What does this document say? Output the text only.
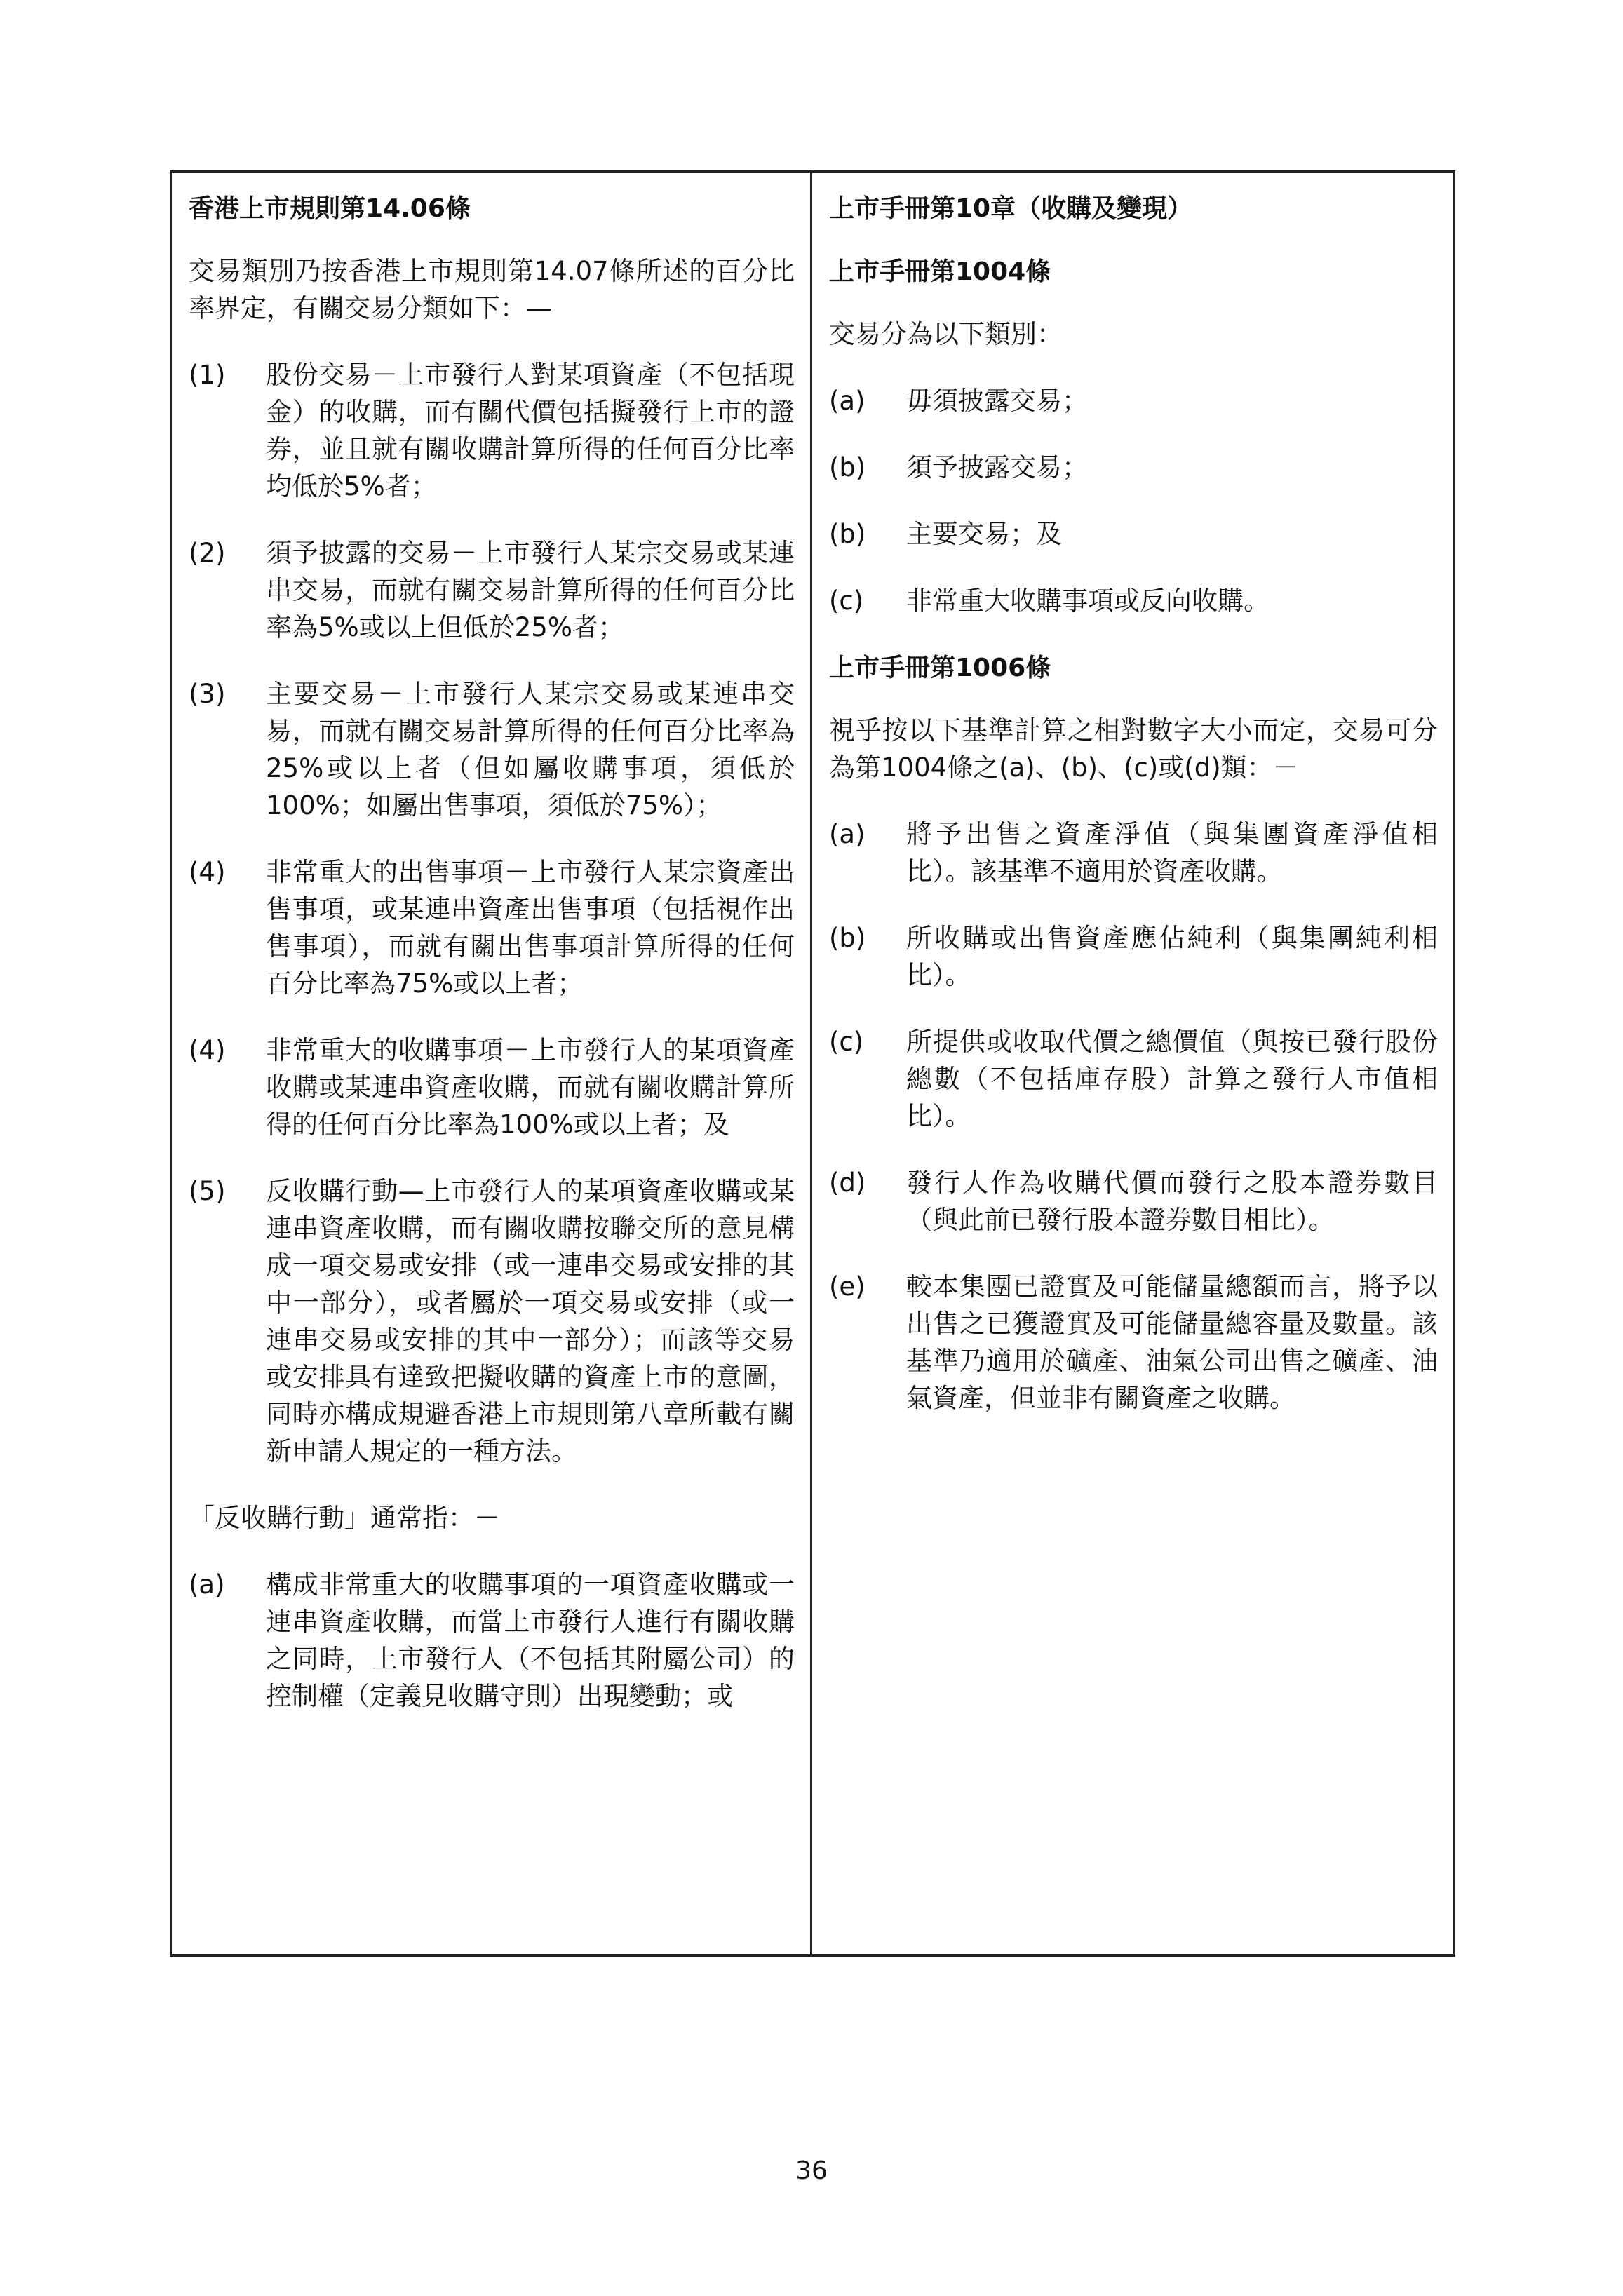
香港上市規則第14.06條
交易類別乃按香港上市規則第14.07條所述的百分比率界定，有關交易分類如下：—
(1)	股份交易－上市發行人對某項資產（不包括現金）的收購，而有關代價包括擬發行上市的證券，並且就有關收購計算所得的任何百分比率均低於5%者；
(2)	須予披露的交易－上市發行人某宗交易或某連串交易，而就有關交易計算所得的任何百分比率為5%或以上但低於25%者；
(3)	主要交易－上市發行人某宗交易或某連串交易，而就有關交易計算所得的任何百分比率為25%或以上者（但如屬收購事項，須低於100%；如屬出售事項，須低於75%）；
(4)	非常重大的出售事項－上市發行人某宗資產出售事項，或某連串資產出售事項（包括視作出售事項），而就有關出售事項計算所得的任何百分比率為75%或以上者；
(4)	非常重大的收購事項－上市發行人的某項資產收購或某連串資產收購，而就有關收購計算所得的任何百分比率為100%或以上者；及
(5)	反收購行動—上市發行人的某項資產收購或某連串資產收購，而有關收購按聯交所的意見構成一項交易或安排（或一連串交易或安排的其中一部分），或者屬於一項交易或安排（或一連串交易或安排的其中一部分）；而該等交易或安排具有達致把擬收購的資產上市的意圖，同時亦構成規避香港上市規則第八章所載有關新申請人規定的一種方法。
「反收購行動」通常指：－
(a)	構成非常重大的收購事項的一項資產收購或一連串資產收購，而當上市發行人進行有關收購之同時，上市發行人（不包括其附屬公司）的控制權（定義見收購守則）出現變動；或

上市手冊第10章（收購及變現）
上市手冊第1004條
交易分為以下類別：
(a)	毋須披露交易；
(b)	須予披露交易；
(b)	主要交易；及
(c)	非常重大收購事項或反向收購。
上市手冊第1006條
視乎按以下基準計算之相對數字大小而定，交易可分為第1004條之(a)、(b)、(c)或(d)類：－
(a)	將予出售之資產淨值（與集團資產淨值相比）。該基準不適用於資產收購。
(b)	所收購或出售資產應佔純利（與集團純利相比）。
(c)	所提供或收取代價之總價值（與按已發行股份總數（不包括庫存股）計算之發行人市值相比）。
(d)	發行人作為收購代價而發行之股本證券數目（與此前已發行股本證券數目相比）。
(e)	較本集團已證實及可能儲量總額而言，將予以出售之已獲證實及可能儲量總容量及數量。該基準乃適用於礦產、油氣公司出售之礦產、油氣資產，但並非有關資產之收購。
36
